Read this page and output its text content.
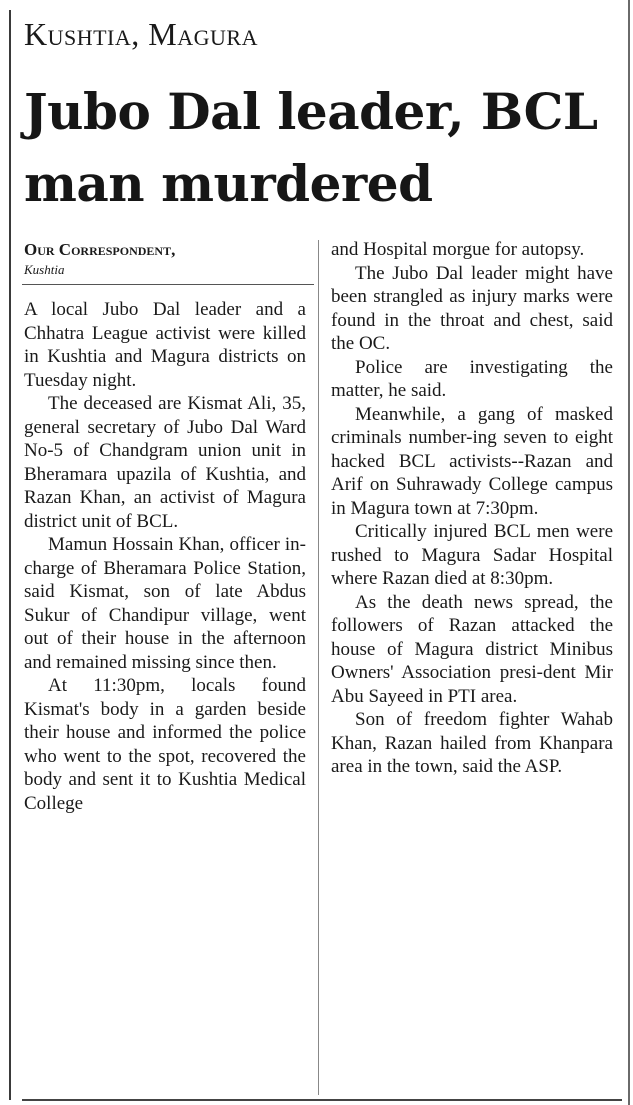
Kushtia, Magura
Jubo Dal leader, BCL
man murdered
Our Correspondent,
Kushtia

A local Jubo Dal leader and a Chhatra League activist were killed in Kushtia and Magura districts on Tuesday night.

The deceased are Kismat Ali, 35, general secretary of Jubo Dal Ward No-5 of Chandgram union unit in Bheramara upazila of Kushtia, and Razan Khan, an activist of Magura district unit of BCL.

Mamun Hossain Khan, officer in-charge of Bheramara Police Station, said Kismat, son of late Abdus Sukur of Chandipur village, went out of their house in the afternoon and remained missing since then.

At 11:30pm, locals found Kismat's body in a garden beside their house and informed the police who went to the spot, recovered the body and sent it to Kushtia Medical College

and Hospital morgue for autopsy.

The Jubo Dal leader might have been strangled as injury marks were found in the throat and chest, said the OC.

Police are investigating the matter, he said.

Meanwhile, a gang of masked criminals number-ing seven to eight hacked BCL activists--Razan and Arif on Suhrawady College campus in Magura town at 7:30pm.

Critically injured BCL men were rushed to Magura Sadar Hospital where Razan died at 8:30pm.

As the death news spread, the followers of Razan attacked the house of Magura district Minibus Owners' Association presi-dent Mir Abu Sayeed in PTI area.

Son of freedom fighter Wahab Khan, Razan hailed from Khanpara area in the town, said the ASP.
